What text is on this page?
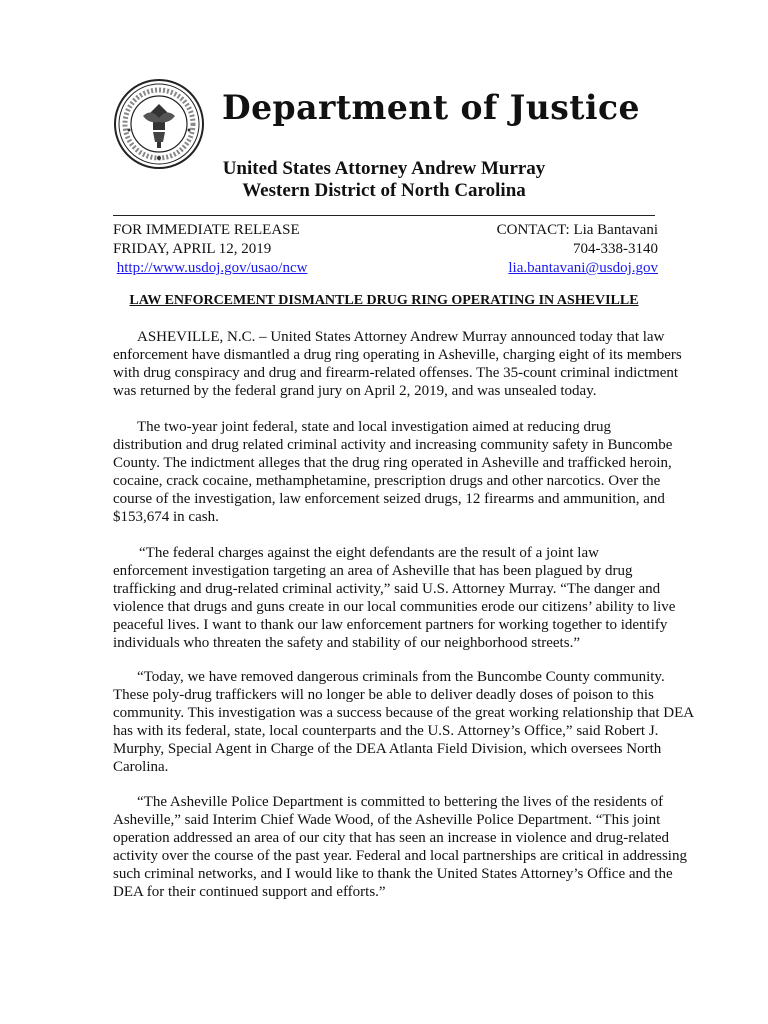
Department of Justice
United States Attorney Andrew Murray
Western District of North Carolina
FOR IMMEDIATE RELEASE
FRIDAY, APRIL 12, 2019
http://www.usdoj.gov/usao/ncw
CONTACT: Lia Bantavani
704-338-3140
lia.bantavani@usdoj.gov
LAW ENFORCEMENT DISMANTLE DRUG RING OPERATING IN ASHEVILLE
ASHEVILLE, N.C. – United States Attorney Andrew Murray announced today that law
enforcement have dismantled a drug ring operating in Asheville, charging eight of its members
with drug conspiracy and drug and firearm-related offenses. The 35-count criminal indictment
was returned by the federal grand jury on April 2, 2019, and was unsealed today.
The two-year joint federal, state and local investigation aimed at reducing drug
distribution and drug related criminal activity and increasing community safety in Buncombe
County. The indictment alleges that the drug ring operated in Asheville and trafficked heroin,
cocaine, crack cocaine, methamphetamine, prescription drugs and other narcotics. Over the
course of the investigation, law enforcement seized drugs, 12 firearms and ammunition, and
$153,674 in cash.
“The federal charges against the eight defendants are the result of a joint law
enforcement investigation targeting an area of Asheville that has been plagued by drug
trafficking and drug-related criminal activity,” said U.S. Attorney Murray. “The danger and
violence that drugs and guns create in our local communities erode our citizens’ ability to live
peaceful lives. I want to thank our law enforcement partners for working together to identify
individuals who threaten the safety and stability of our neighborhood streets.”
“Today, we have removed dangerous criminals from the Buncombe County community.
These poly-drug traffickers will no longer be able to deliver deadly doses of poison to this
community. This investigation was a success because of the great working relationship that DEA
has with its federal, state, local counterparts and the U.S. Attorney’s Office,” said Robert J.
Murphy, Special Agent in Charge of the DEA Atlanta Field Division, which oversees North
Carolina.
“The Asheville Police Department is committed to bettering the lives of the residents of
Asheville,” said Interim Chief Wade Wood, of the Asheville Police Department. “This joint
operation addressed an area of our city that has seen an increase in violence and drug-related
activity over the course of the past year. Federal and local partnerships are critical in addressing
such criminal networks, and I would like to thank the United States Attorney’s Office and the
DEA for their continued support and efforts.”
